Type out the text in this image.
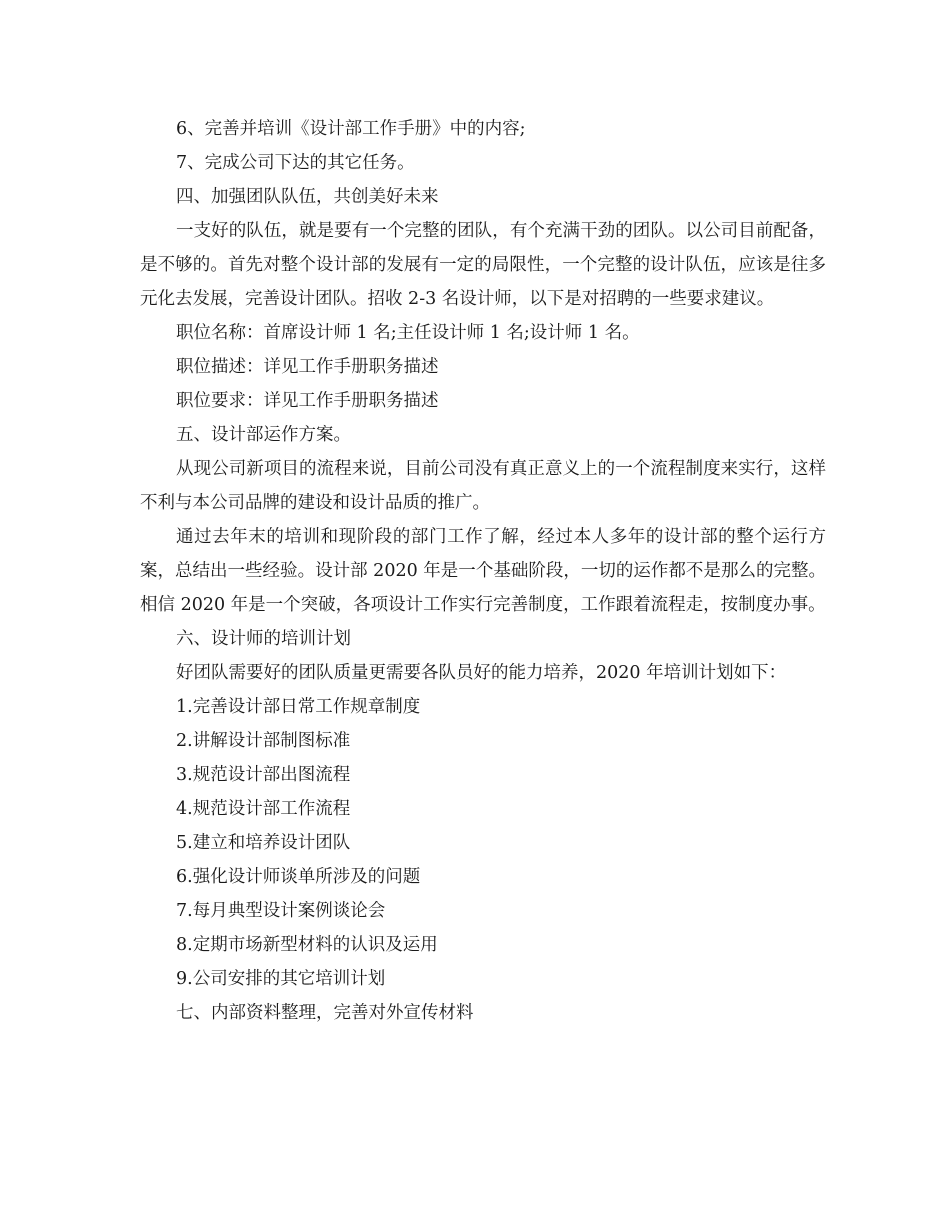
6、完善并培训《设计部工作手册》中的内容;

7、完成公司下达的其它任务。

四、加强团队队伍，共创美好未来

一支好的队伍，就是要有一个完整的团队，有个充满干劲的团队。以公司目前配备，是不够的。首先对整个设计部的发展有一定的局限性，一个完整的设计队伍，应该是往多元化去发展，完善设计团队。招收 2-3 名设计师，以下是对招聘的一些要求建议。

职位名称：首席设计师 1 名;主任设计师 1 名;设计师 1 名。

职位描述：详见工作手册职务描述

职位要求：详见工作手册职务描述

五、设计部运作方案。

从现公司新项目的流程来说，目前公司没有真正意义上的一个流程制度来实行，这样不利与本公司品牌的建设和设计品质的推广。

通过去年末的培训和现阶段的部门工作了解，经过本人多年的设计部的整个运行方案，总结出一些经验。设计部 2020 年是一个基础阶段，一切的运作都不是那么的完整。相信 2020 年是一个突破，各项设计工作实行完善制度，工作跟着流程走，按制度办事。

六、设计师的培训计划

好团队需要好的团队质量更需要各队员好的能力培养，2020 年培训计划如下：

1.完善设计部日常工作规章制度

2.讲解设计部制图标准

3.规范设计部出图流程

4.规范设计部工作流程

5.建立和培养设计团队

6.强化设计师谈单所涉及的问题

7.每月典型设计案例谈论会

8.定期市场新型材料的认识及运用

9.公司安排的其它培训计划

七、内部资料整理，完善对外宣传材料
